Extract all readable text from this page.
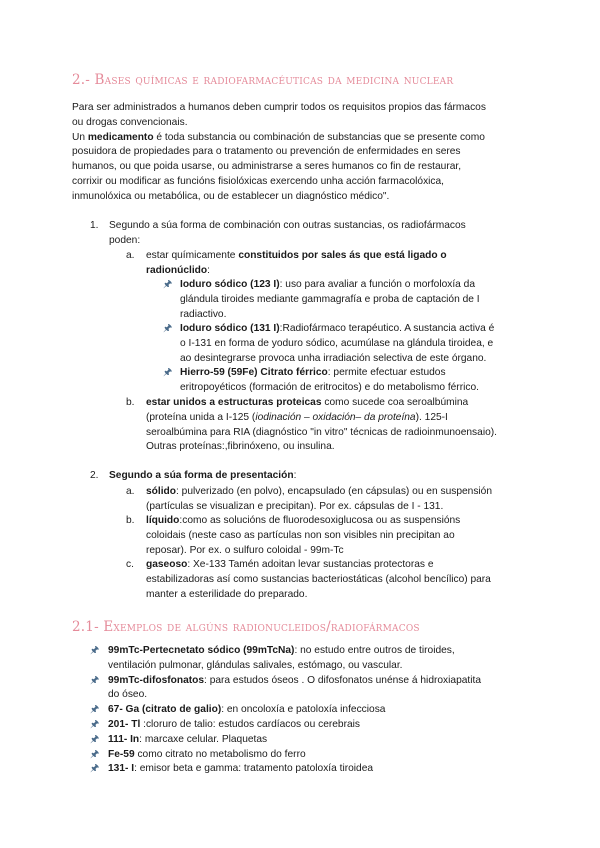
2.- Bases químicas e radiofarmacéuticas da medicina nuclear
Para ser administrados a humanos deben cumprir todos os requisitos propios das fármacos
ou drogas convencionais.
Un medicamento é toda substancia ou combinación de substancias que se presente como
posuidora de propiedades para o tratamento ou prevención de enfermidades en seres
humanos, ou que poida usarse, ou administrarse a seres humanos co fin de restaurar,
corrixir ou modificar as funcións fisiolóxicas exercendo unha acción farmacolóxica,
inmunolóxica ou metabólica, ou de establecer un diagnóstico médico".
1. Segundo a súa forma de combinación con outras sustancias, os radiofármacos
poden:
a. estar químicamente constituidos por sales ás que está ligado o
radionúclido:
🖈 Ioduro sódico (123 I): uso para avaliar a función o morfoloxía da
glándula tiroides mediante gammagrafía e proba de captación de I
radiactivo.
🖈 Ioduro sódico (131 I):Radiofármaco terapéutico. A sustancia activa é
o I-131 en forma de yoduro sódico, acumúlase na glándula tiroidea, e
ao desintegrarse provoca unha irradiación selectiva de este órgano.
🖈 Hierro-59 (59Fe) Citrato férrico: permite efectuar estudos
eritropoyéticos (formación de eritrocitos) e do metabolismo férrico.
b. estar unidos a estructuras proteicas como sucede coa seroalbúmina
(proteína unida a I-125 (iodinación – oxidación– da proteína). 125-I
seroalbúmina para RIA (diagnóstico "in vitro" técnicas de radioinmunoensaio).
Outras proteínas:,fibrinóxeno, ou insulina.
2. Segundo a súa forma de presentación:
a. sólido: pulverizado (en polvo), encapsulado (en cápsulas) ou en suspensión
(partículas se visualizan e precipitan). Por ex. cápsulas de I - 131.
b. líquido:como as solucións de fluorodesoxiglucosa ou as suspensións
coloidais (neste caso as partículas non son visibles nin precipitan ao
reposar). Por ex. o sulfuro coloidal - 99m-Tc
c. gaseoso: Xe-133 Tamén adoitan levar sustancias protectoras e
estabilizadoras así como sustancias bacteriostáticas (alcohol bencílico) para
manter a esterilidade do preparado.
2.1- Exemplos de algúns radionucleidos/radiofármacos
🖈 99mTc-Pertecnetato sódico (99mTcNa): no estudo entre outros de tiroides,
ventilación pulmonar, glándulas salivales, estómago, ou vascular.
🖈 99mTc-difosfonatos: para estudos óseos . O difosfonatos unénse á hidroxiapatita
do óseo.
🖈 67- Ga (citrato de galio): en oncoloxía e patoloxía infecciosa
🖈 201- Tl :cloruro de talio: estudos cardíacos ou cerebrais
🖈 111- In: marcaxe celular. Plaquetas
🖈 Fe-59 como citrato no metabolismo do ferro
🖈 131- I: emisor beta e gamma: tratamento patoloxía tiroidea
